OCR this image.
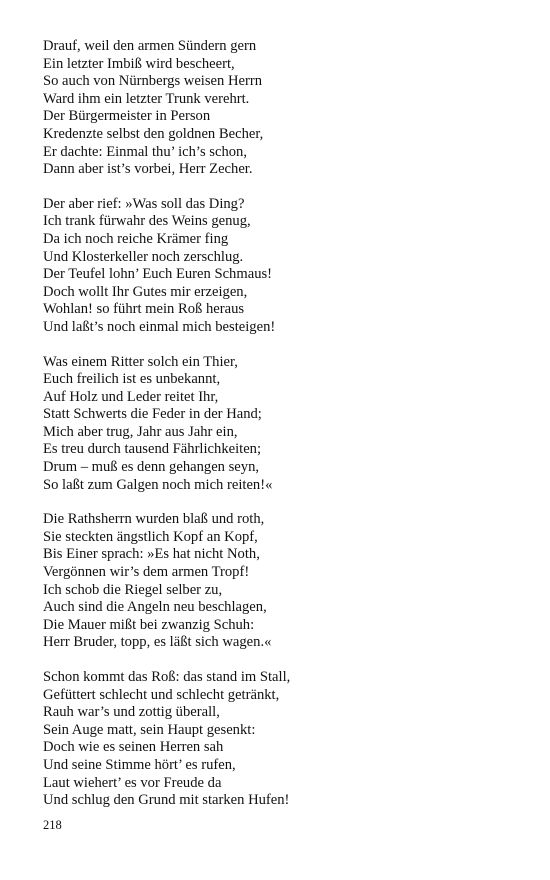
Drauf, weil den armen Sündern gern
Ein letzter Imbiß wird bescheert,
So auch von Nürnbergs weisen Herrn
Ward ihm ein letzter Trunk verehrt.
Der Bürgermeister in Person
Kredenzte selbst den goldnen Becher,
Er dachte: Einmal thu’ ich’s schon,
Dann aber ist’s vorbei, Herr Zecher.
Der aber rief: »Was soll das Ding?
Ich trank fürwahr des Weins genug,
Da ich noch reiche Krämer fing
Und Klosterkeller noch zerschlug.
Der Teufel lohn’ Euch Euren Schmaus!
Doch wollt Ihr Gutes mir erzeigen,
Wohlan! so führt mein Roß heraus
Und laßt’s noch einmal mich besteigen!
Was einem Ritter solch ein Thier,
Euch freilich ist es unbekannt,
Auf Holz und Leder reitet Ihr,
Statt Schwerts die Feder in der Hand;
Mich aber trug, Jahr aus Jahr ein,
Es treu durch tausend Fährlichkeiten;
Drum – muß es denn gehangen seyn,
So laßt zum Galgen noch mich reiten!«
Die Rathsherrn wurden blaß und roth,
Sie steckten ängstlich Kopf an Kopf,
Bis Einer sprach: »Es hat nicht Noth,
Vergönnen wir’s dem armen Tropf!
Ich schob die Riegel selber zu,
Auch sind die Angeln neu beschlagen,
Die Mauer mißt bei zwanzig Schuh:
Herr Bruder, topp, es läßt sich wagen.«
Schon kommt das Roß: das stand im Stall,
Gefüttert schlecht und schlecht getränkt,
Rauh war’s und zottig überall,
Sein Auge matt, sein Haupt gesenkt:
Doch wie es seinen Herren sah
Und seine Stimme hört’ es rufen,
Laut wiehert’ es vor Freude da
Und schlug den Grund mit starken Hufen!
218
